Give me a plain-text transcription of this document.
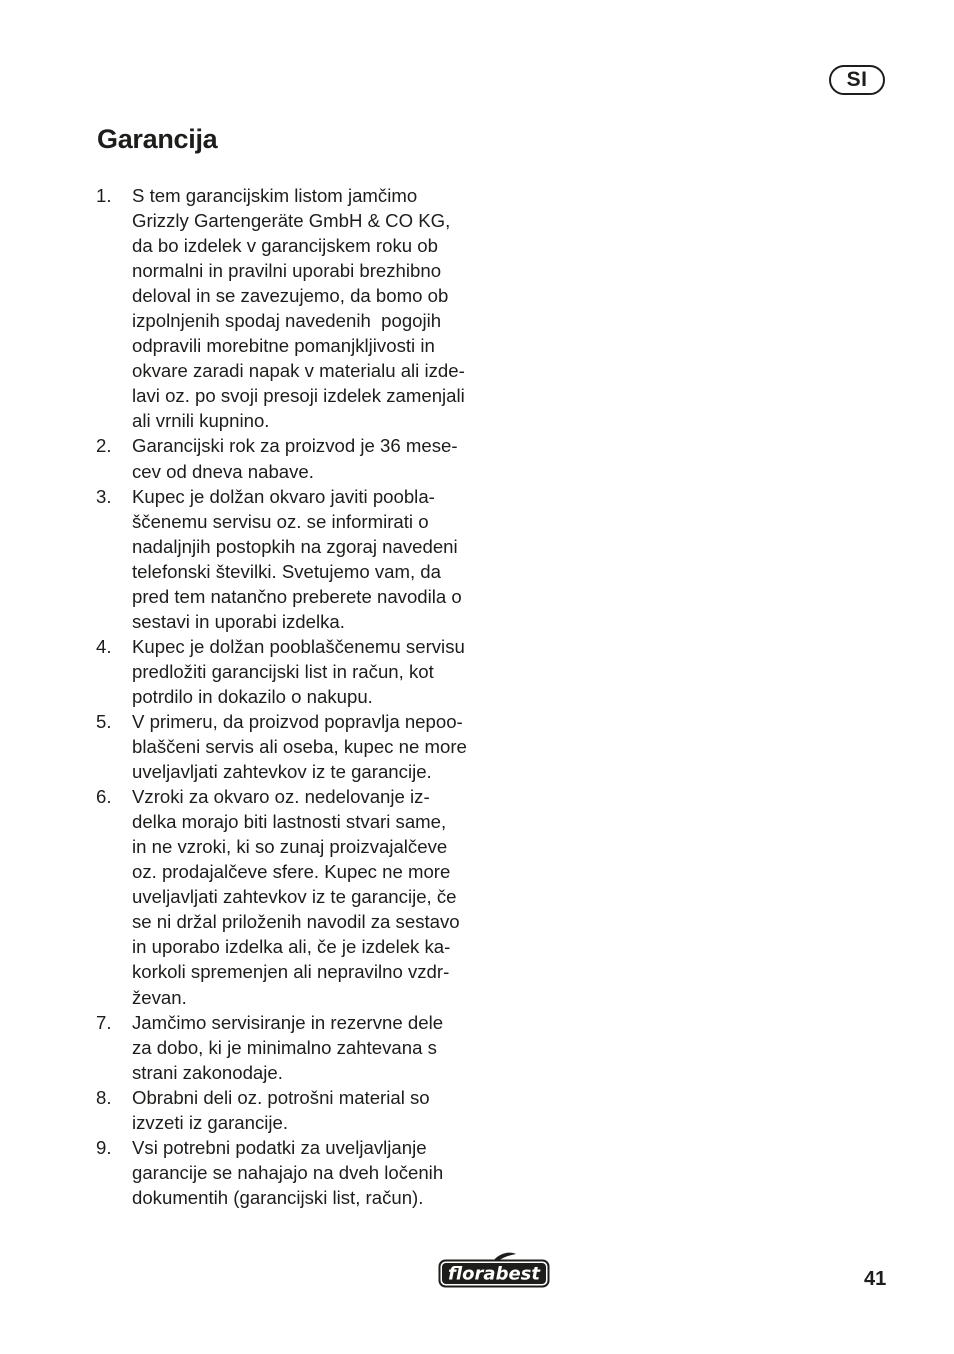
SI
Garancija
1.	S tem garancijskim listom jamčimo
Grizzly Gartengeräte GmbH & CO KG,
da bo izdelek v garancijskem roku ob
normalni in pravilni uporabi brezhibno
deloval in se zavezujemo, da bomo ob
izpolnjenih spodaj navedenih  pogojih
odpravili morebitne pomanjkljivosti in
okvare zaradi napak v materialu ali izde-
lavi oz. po svoji presoji izdelek zamenjali
ali vrnili kupnino.
2.	Garancijski rok za proizvod je 36 mese-
cev od dneva nabave.
3.	Kupec je dolžan okvaro javiti poobla-
ščenemu servisu oz. se informirati o
nadaljnjih postopkih na zgoraj navedeni
telefonski številki. Svetujemo vam, da
pred tem natančno preberete navodila o
sestavi in uporabi izdelka.
4.	Kupec je dolžan pooblaščenemu servisu
predložiti garancijski list in račun, kot
potrdilo in dokazilo o nakupu.
5.	V primeru, da proizvod popravlja nepoo-
blaščeni servis ali oseba, kupec ne more
uveljavljati zahtevkov iz te garancije.
6.	Vzroki za okvaro oz. nedelovanje iz-
delka morajo biti lastnosti stvari same,
in ne vzroki, ki so zunaj proizvajalčeve
oz. prodajalčeve sfere. Kupec ne more
uveljavljati zahtevkov iz te garancije, če
se ni držal priloženih navodil za sestavo
in uporabo izdelka ali, če je izdelek ka-
korkoli spremenjen ali nepravilno vzdr-
ževan.
7.	Jamčimo servisiranje in rezervne dele
za dobo, ki je minimalno zahtevana s
strani zakonodaje.
8.	Obrabni deli oz. potrošni material so
izvzeti iz garancije.
9.	Vsi potrebni podatki za uveljavljanje
garancije se nahajajo na dveh ločenih
dokumentih (garancijski list, račun).
florabest	41
